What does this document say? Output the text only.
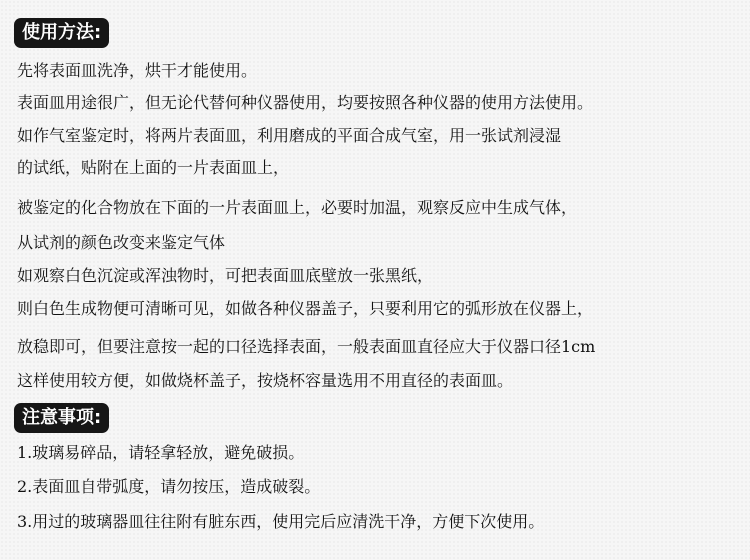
使用方法:
先将表面皿洗净，烘干才能使用。
表面皿用途很广，但无论代替何种仪器使用，均要按照各种仪器的使用方法使用。
如作气室鉴定时，将两片表面皿，利用磨成的平面合成气室，用一张试剂浸湿
的试纸，贴附在上面的一片表面皿上，
被鉴定的化合物放在下面的一片表面皿上，必要时加温，观察反应中生成气体，
从试剂的颜色改变来鉴定气体
如观察白色沉淀或浑浊物时，可把表面皿底壁放一张黑纸，
则白色生成物便可清晰可见，如做各种仪器盖子，只要利用它的弧形放在仪器上，
放稳即可，但要注意按一起的口径选择表面，一般表面皿直径应大于仪器口径1cm
这样使用较方便，如做烧杯盖子，按烧杯容量选用不用直径的表面皿。
注意事项:
1.玻璃易碎品，请轻拿轻放，避免破损。
2.表面皿自带弧度，请勿按压，造成破裂。
3.用过的玻璃器皿往往附有脏东西，使用完后应清洗干净，方便下次使用。
